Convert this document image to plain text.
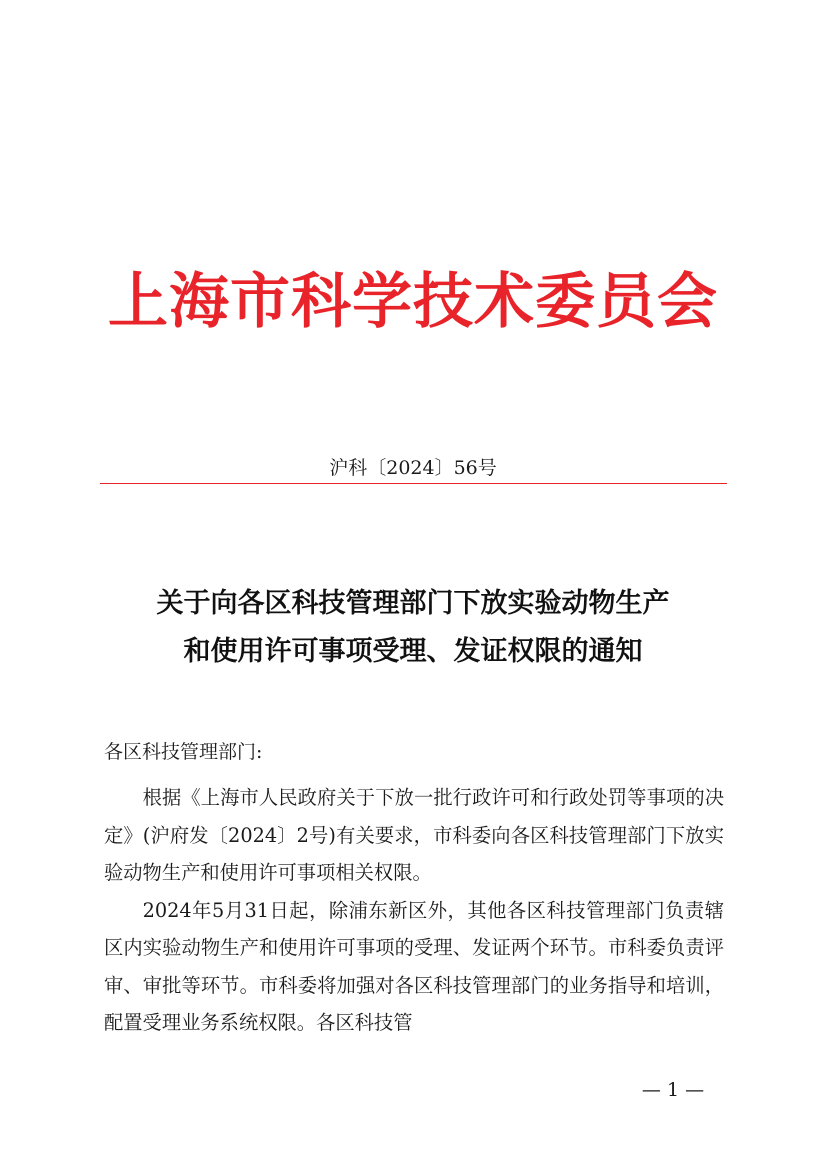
上海市科学技术委员会
沪科〔2024〕56号
关于向各区科技管理部门下放实验动物生产
和使用许可事项受理、发证权限的通知
各区科技管理部门:

根据《上海市人民政府关于下放一批行政许可和行政处罚等事项的决定》(沪府发〔2024〕2号)有关要求，市科委向各区科技管理部门下放实验动物生产和使用许可事项相关权限。

2024年5月31日起，除浦东新区外，其他各区科技管理部门负责辖区内实验动物生产和使用许可事项的受理、发证两个环节。市科委负责评审、审批等环节。市科委将加强对各区科技管理部门的业务指导和培训，配置受理业务系统权限。各区科技管

— 1 —
